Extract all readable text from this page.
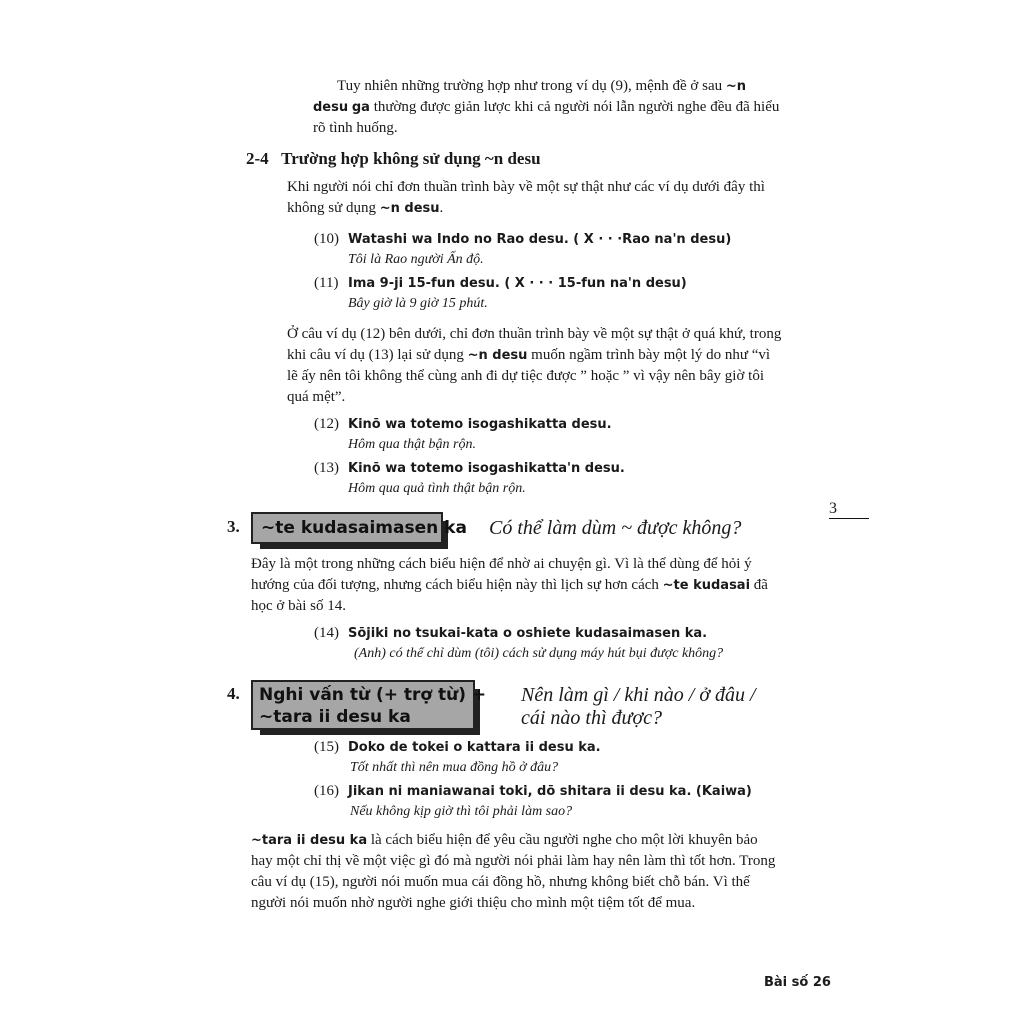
Tuy nhiên những trường hợp như trong ví dụ (9), mệnh đề ở sau ~n desu ga thường được giản lược khi cả người nói lẫn người nghe đều đã hiểu rõ tình huống.

2-4 Trường hợp không sử dụng ~n desu

Khi người nói chỉ đơn thuần trình bày về một sự thật như các ví dụ dưới đây thì không sử dụng ~n desu.

(10) Watashi wa Indo no Rao desu. ( X · · ·Rao na'n desu)
Tôi là Rao người Ấn độ.
(11) Ima 9-ji 15-fun desu. ( X · · · 15-fun na'n desu)
Bây giờ là 9 giờ 15 phút.

Ở câu ví dụ (12) bên dưới, chỉ đơn thuần trình bày về một sự thật ở quá khứ, trong khi câu ví dụ (13) lại sử dụng ~n desu muốn ngầm trình bày một lý do như “vì lẽ ấy nên tôi không thể cùng anh đi dự tiệc được ” hoặc ” vì vậy nên bây giờ tôi quá mệt”.

(12) Kinō wa totemo isogashikatta desu.
Hôm qua thật bận rộn.
(13) Kinō wa totemo isogashikatta'n desu.
Hôm qua quả tình thật bận rộn.
3
3.	~te kudasaimasen ka Có thể làm dùm ~ được không?

Đây là một trong những cách biểu hiện để nhờ ai chuyện gì. Vì là thể dùng để hỏi ý hướng của đối tượng, nhưng cách biểu hiện này thì lịch sự hơn cách ~te kudasai đã học ở bài số 14.

(14) Sōjiki no tsukai-kata o oshiete kudasaimasen ka.
(Anh) có thể chỉ dùm (tôi) cách sử dụng máy hút bụi được không?
4. Nghi vấn từ (+ trợ từ) +
~tara ii desu ka
Nên làm gì / khi nào / ở đâu /
cái nào thì được?
(15) Doko de tokei o kattara ii desu ka.
Tốt nhất thì nên mua đồng hồ ở đâu?
(16) Jikan ni maniawanai toki, dō shitara ii desu ka. (Kaiwa)
Nếu không kịp giờ thì tôi phải làm sao?

~tara ii desu ka là cách biểu hiện để yêu cầu người nghe cho một lời khuyên bảo hay một chỉ thị về một việc gì đó mà người nói phải làm hay nên làm thì tốt hơn. Trong câu ví dụ (15), người nói muốn mua cái đồng hồ, nhưng không biết chỗ bán. Vì thế người nói muốn nhờ người nghe giới thiệu cho mình một tiệm tốt để mua.

Bài số 26
